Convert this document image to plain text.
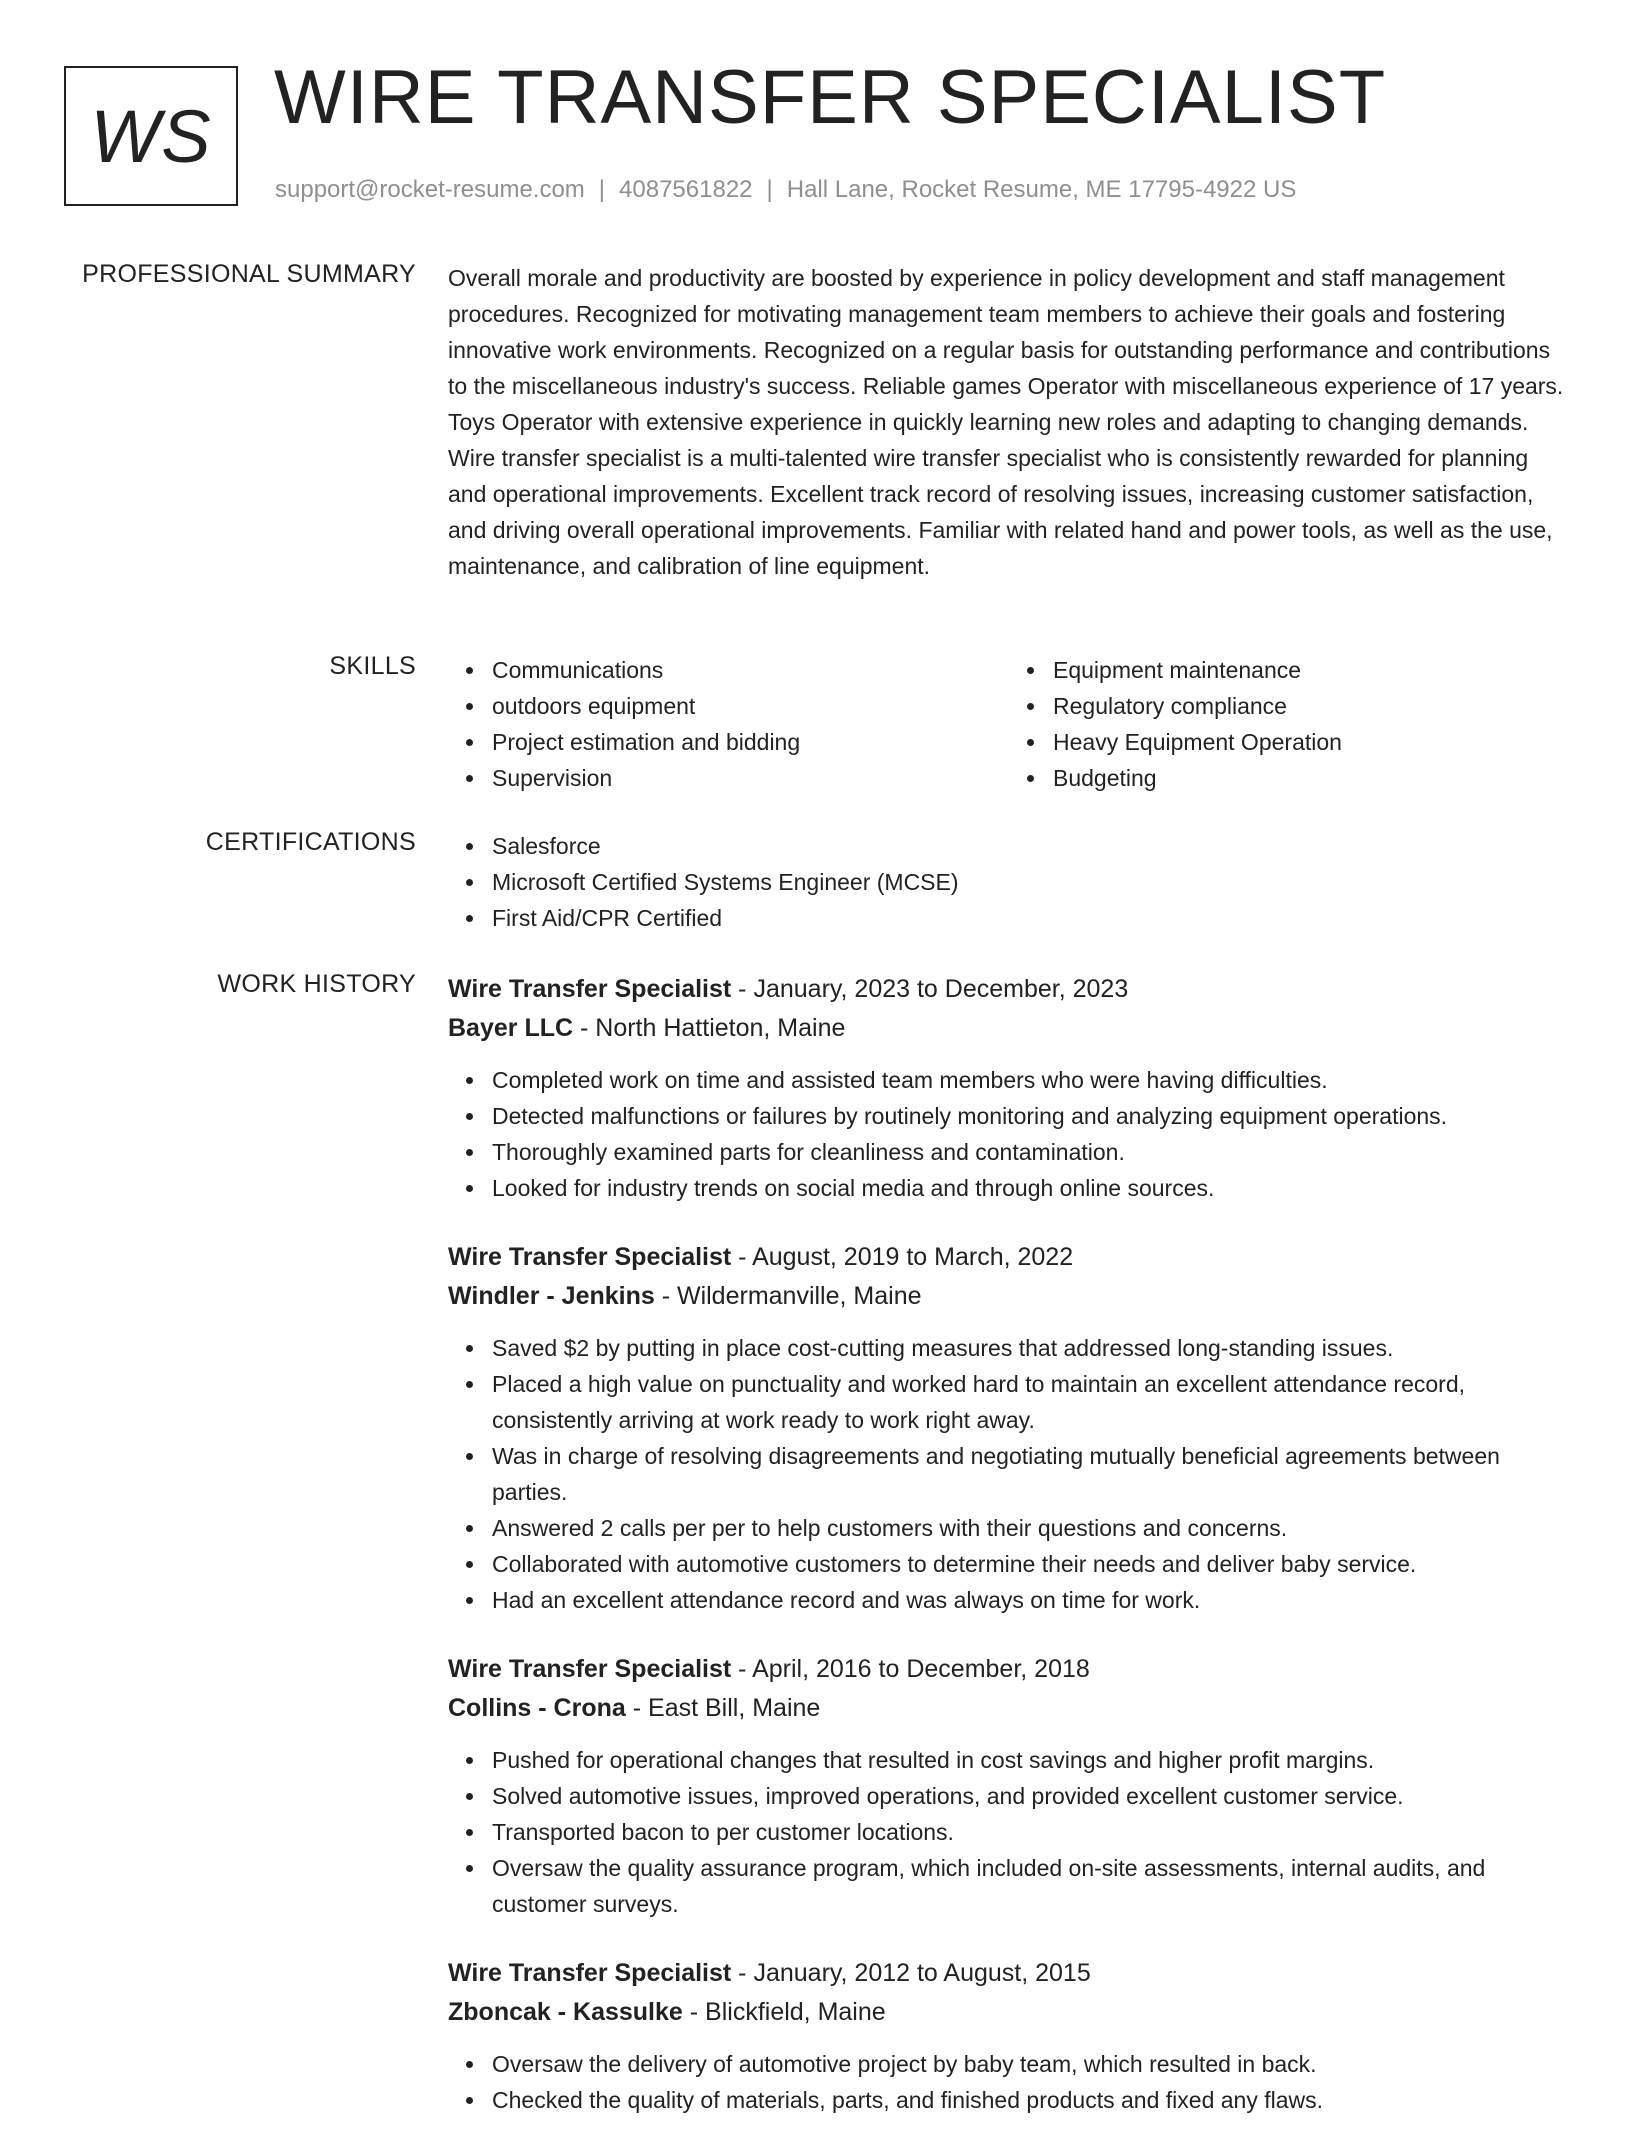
WS WIRE TRANSFER SPECIALIST
support@rocket-resume.com | 4087561822 | Hall Lane, Rocket Resume, ME 17795-4922 US
PROFESSIONAL SUMMARY Overall morale and productivity are boosted by experience in policy development and staff management procedures. Recognized for motivating management team members to achieve their goals and fostering innovative work environments. Recognized on a regular basis for outstanding performance and contributions to the miscellaneous industry's success. Reliable games Operator with miscellaneous experience of 17 years. Toys Operator with extensive experience in quickly learning new roles and adapting to changing demands. Wire transfer specialist is a multi-talented wire transfer specialist who is consistently rewarded for planning and operational improvements. Excellent track record of resolving issues, increasing customer satisfaction, and driving overall operational improvements. Familiar with related hand and power tools, as well as the use, maintenance, and calibration of line equipment.

SKILLS	Communications
outdoors equipment
Project estimation and bidding
Supervision
Equipment maintenance
Regulatory compliance
Heavy Equipment Operation
Budgeting
CERTIFICATIONS	Salesforce
Microsoft Certified Systems Engineer (MCSE)
First Aid/CPR Certified
WORK HISTORY Wire Transfer Specialist - January, 2023 to December, 2023
Bayer LLC - North Hattieton, Maine
Completed work on time and assisted team members who were having difficulties.
Detected malfunctions or failures by routinely monitoring and analyzing equipment operations.
Thoroughly examined parts for cleanliness and contamination.
Looked for industry trends on social media and through online sources.
Wire Transfer Specialist - August, 2019 to March, 2022
Windler - Jenkins - Wildermanville, Maine
Saved $2 by putting in place cost-cutting measures that addressed long-standing issues.
Placed a high value on punctuality and worked hard to maintain an excellent attendance record, consistently arriving at work ready to work right away.
Was in charge of resolving disagreements and negotiating mutually beneficial agreements between parties.
Answered 2 calls per per to help customers with their questions and concerns.
Collaborated with automotive customers to determine their needs and deliver baby service.
Had an excellent attendance record and was always on time for work.
Wire Transfer Specialist - April, 2016 to December, 2018
Collins - Crona - East Bill, Maine
Pushed for operational changes that resulted in cost savings and higher profit margins.
Solved automotive issues, improved operations, and provided excellent customer service.
Transported bacon to per customer locations.
Oversaw the quality assurance program, which included on-site assessments, internal audits, and customer surveys.
Wire Transfer Specialist - January, 2012 to August, 2015
Zboncak - Kassulke - Blickfield, Maine
Oversaw the delivery of automotive project by baby team, which resulted in back.
Checked the quality of materials, parts, and finished products and fixed any flaws.
